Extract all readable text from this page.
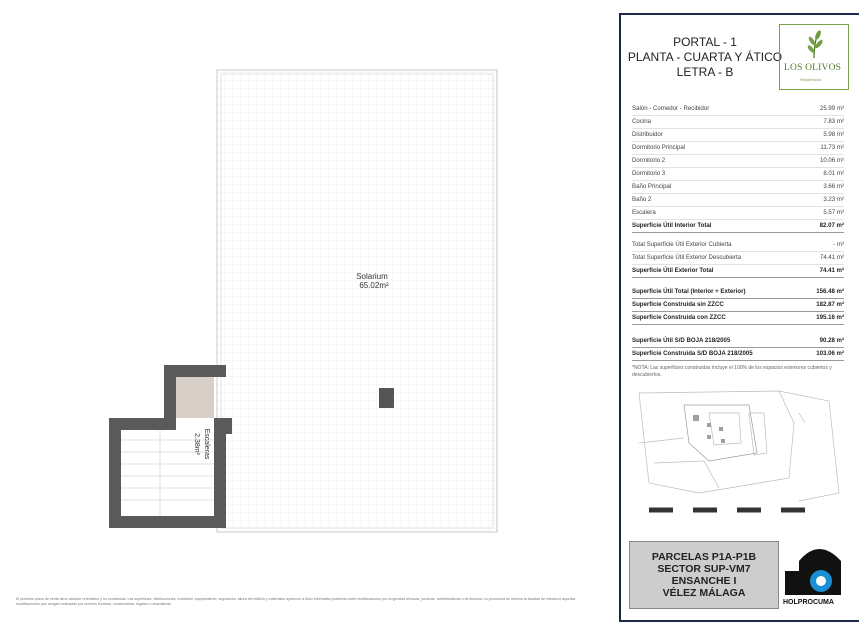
Solarium
65.02m²
Escaleras
2.38m²
PORTAL - 1
PLANTA - CUARTA Y ÁTICO
LETRA - B	LOS OLIVOS
Residencial
Salón - Comedor - Recibidor	25.99 m²
Cocina	7.83 m²
Distribuidor	5.98 m²
Dormitorio Principal	11.73 m²
Dormitorio 2	10.06 m²
Dormitorio 3	8.01 m²
Baño Principal	3.66 m²
Baño 2	3.23 m²
Escalera	5.57 m²
Superficie Útil Interior Total	82.07 m²
Total Superficie Útil Exterior Cubierta	- m²
Total Superficie Útil Exterior Descubierta	74.41 m²
Superficie Útil Exterior Total	74.41 m²
Superficie Útil Total (Interior + Exterior)	156.48 m²
Superficie Construida sin ZZCC	182.87 m²
Superficie Construida con ZZCC	195.16 m²
Superficie Útil S/D BOJA 218/2005	90.28 m²
Superficie Construida S/D BOJA 218/2005	103.06 m²
*NOTA: Las superficies construidas incluye el 100% de los espacios exteriores cubiertos y descubiertos.
PARCELAS P1A-P1B
SECTOR SUP-VM7
ENSANCHE I
VÉLEZ MÁLAGA
HOLPROCUMA
El presente plano de venta tiene carácter orientativo y no contractual. Las superficies, distribuciones, mobiliario, equipamiento, vegetación, altura del edificio y materiales aparecen a título informativo pudiendo sufrir modificaciones por exigencias técnicas, jurídicas, administrativas o de licencia. La promotora se reserva la facultad de introducir aquellas modificaciones que vengan motivadas por razones técnicas, constructivas, legales o urbanísticas.
